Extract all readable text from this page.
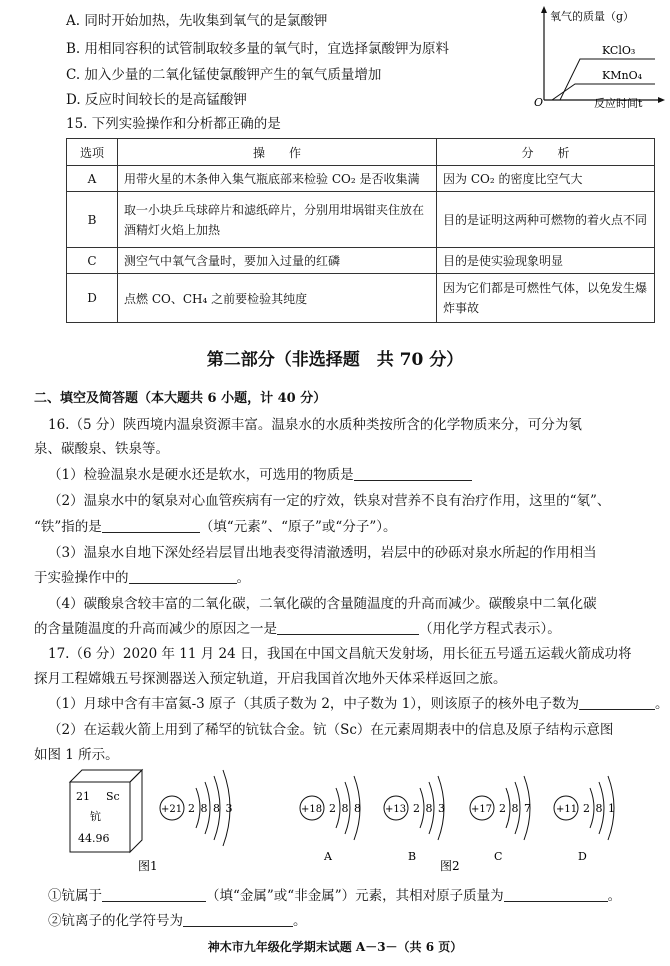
A. 同时开始加热，先收集到氧气的是氯酸钾
B. 用相同容积的试管制取较多量的氧气时，宜选择氯酸钾为原料
C. 加入少量的二氧化锰使氯酸钾产生的氧气质量增加
D. 反应时间较长的是高锰酸钾
氧气的质量（g）
O	反应时间t
KClO₃
KMnO₄
15. 下列实验操作和分析都正确的是
选项	操　　作	分　　析
A	用带火星的木条伸入集气瓶底部来检验 CO₂ 是否收集满	因为 CO₂ 的密度比空气大
B	取一小块乒乓球碎片和滤纸碎片，分别用坩埚钳夹住放在酒精灯火焰上加热	目的是证明这两种可燃物的着火点不同
C	测空气中氧气含量时，要加入过量的红磷	目的是使实验现象明显
D	点燃 CO、CH₄ 之前要检验其纯度	因为它们都是可燃性气体，以免发生爆炸事故
第二部分（非选择题　共 70 分）
二、填空及简答题（本大题共 6 小题，计 40 分）
16.（5 分）陕西境内温泉资源丰富。温泉水的水质种类按所含的化学物质来分，可分为氡
泉、碳酸泉、铁泉等。
（1）检验温泉水是硬水还是软水，可选用的物质是
（2）温泉水中的氡泉对心血管疾病有一定的疗效，铁泉对营养不良有治疗作用，这里的“氡”、
“铁”指的是	（填“元素”、“原子”或“分子”）。
（3）温泉水自地下深处经岩层冒出地表变得清澈透明，岩层中的砂砾对泉水所起的作用相当
于实验操作中的	。
（4）碳酸泉含较丰富的二氧化碳，二氧化碳的含量随温度的升高而减少。碳酸泉中二氧化碳
的含量随温度的升高而减少的原因之一是	（用化学方程式表示）。
17.（6 分）2020 年 11 月 24 日，我国在中国文昌航天发射场，用长征五号遥五运载火箭成功将
探月工程嫦娥五号探测器送入预定轨道，开启我国首次地外天体采样返回之旅。
（1）月球中含有丰富氦-3 原子（其质子数为 2，中子数为 1），则该原子的核外电子数为	。
（2）在运载火箭上用到了稀罕的钪钛合金。钪（Sc）在元素周期表中的信息及原子结构示意图
如图 1 所示。
21 Sc
钪
44.96
+21 2 8 8 3	+18 2 8 8
A
+13 2 8 3
B
+17 2 8 7
C
+11 2 8 1
D
图1	图2
①钪属于	（填“金属”或“非金属”）元素，其相对原子质量为	。
②钪离子的化学符号为	。
神木市九年级化学期末试题 A－3－（共 6 页）
